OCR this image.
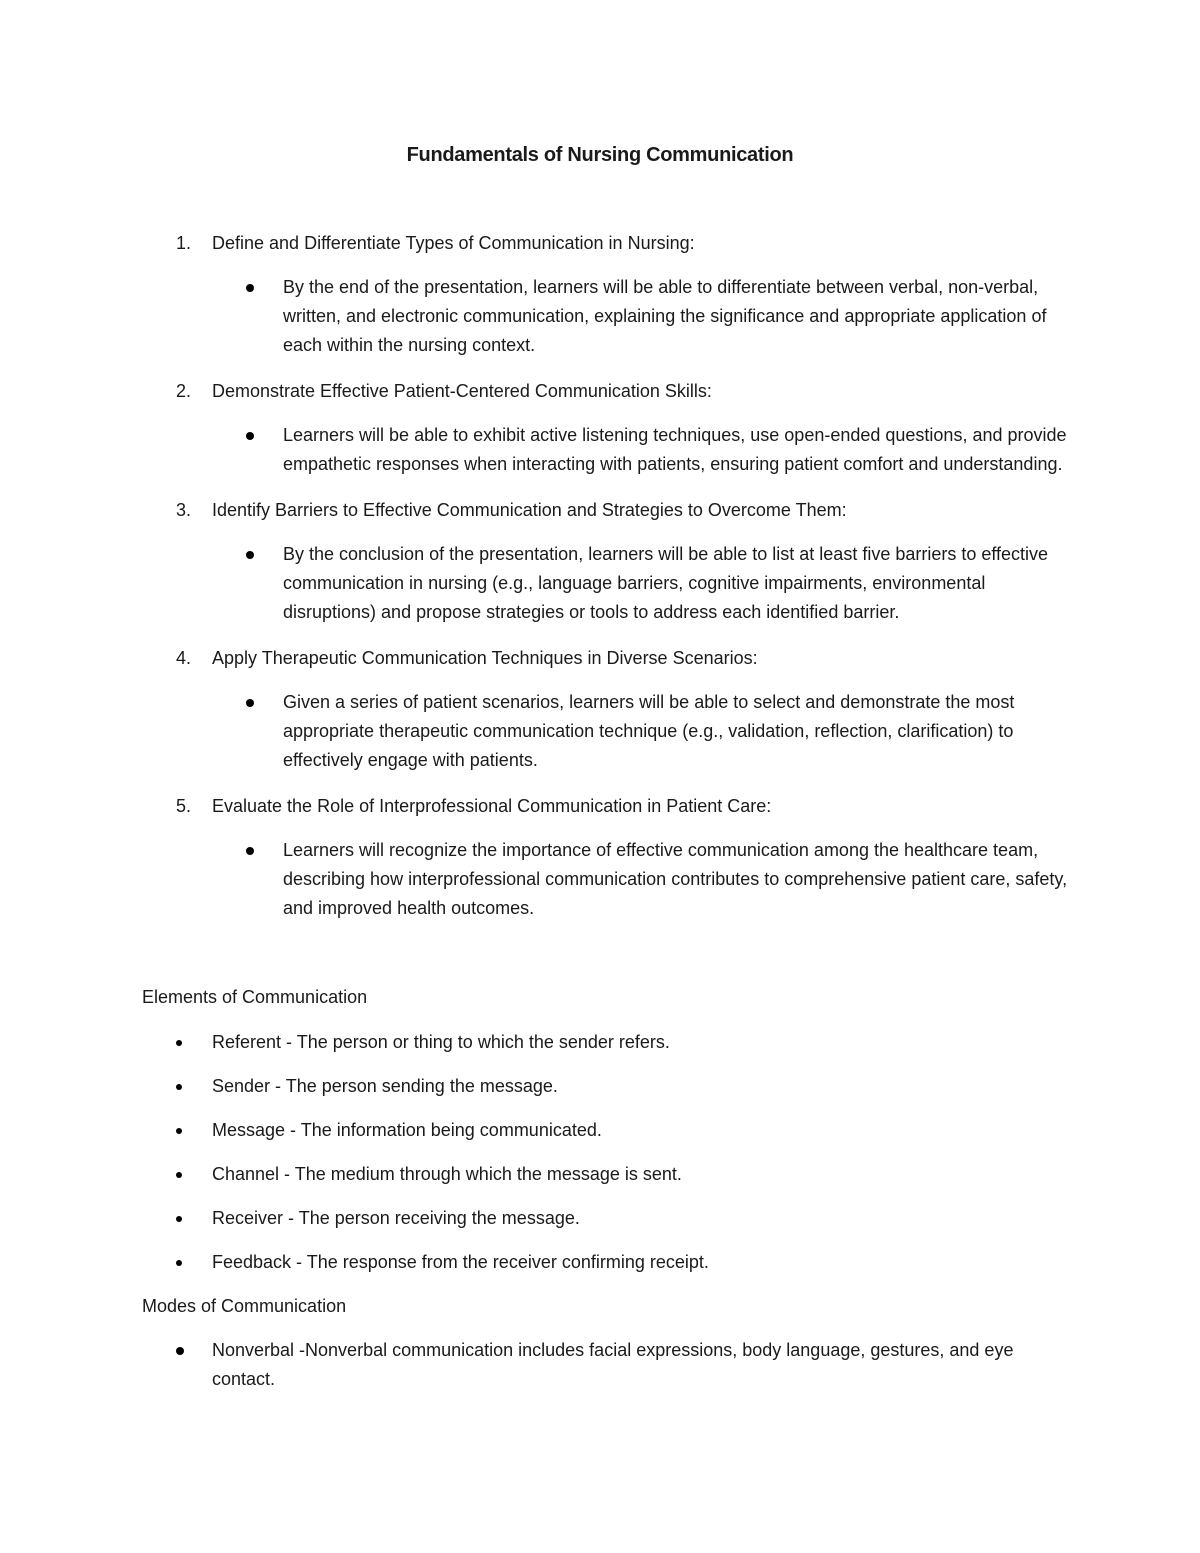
Fundamentals of Nursing Communication
1. Define and Differentiate Types of Communication in Nursing:
By the end of the presentation, learners will be able to differentiate between verbal, non-verbal, written, and electronic communication, explaining the significance and appropriate application of each within the nursing context.
2. Demonstrate Effective Patient-Centered Communication Skills:
Learners will be able to exhibit active listening techniques, use open-ended questions, and provide empathetic responses when interacting with patients, ensuring patient comfort and understanding.
3. Identify Barriers to Effective Communication and Strategies to Overcome Them:
By the conclusion of the presentation, learners will be able to list at least five barriers to effective communication in nursing (e.g., language barriers, cognitive impairments, environmental disruptions) and propose strategies or tools to address each identified barrier.
4. Apply Therapeutic Communication Techniques in Diverse Scenarios:
Given a series of patient scenarios, learners will be able to select and demonstrate the most appropriate therapeutic communication technique (e.g., validation, reflection, clarification) to effectively engage with patients.
5. Evaluate the Role of Interprofessional Communication in Patient Care:
Learners will recognize the importance of effective communication among the healthcare team, describing how interprofessional communication contributes to comprehensive patient care, safety, and improved health outcomes.
Elements of Communication
Referent - The person or thing to which the sender refers.
Sender - The person sending the message.
Message - The information being communicated.
Channel - The medium through which the message is sent.
Receiver - The person receiving the message.
Feedback - The response from the receiver confirming receipt.
Modes of Communication
Nonverbal -Nonverbal communication includes facial expressions, body language, gestures, and eye contact.
